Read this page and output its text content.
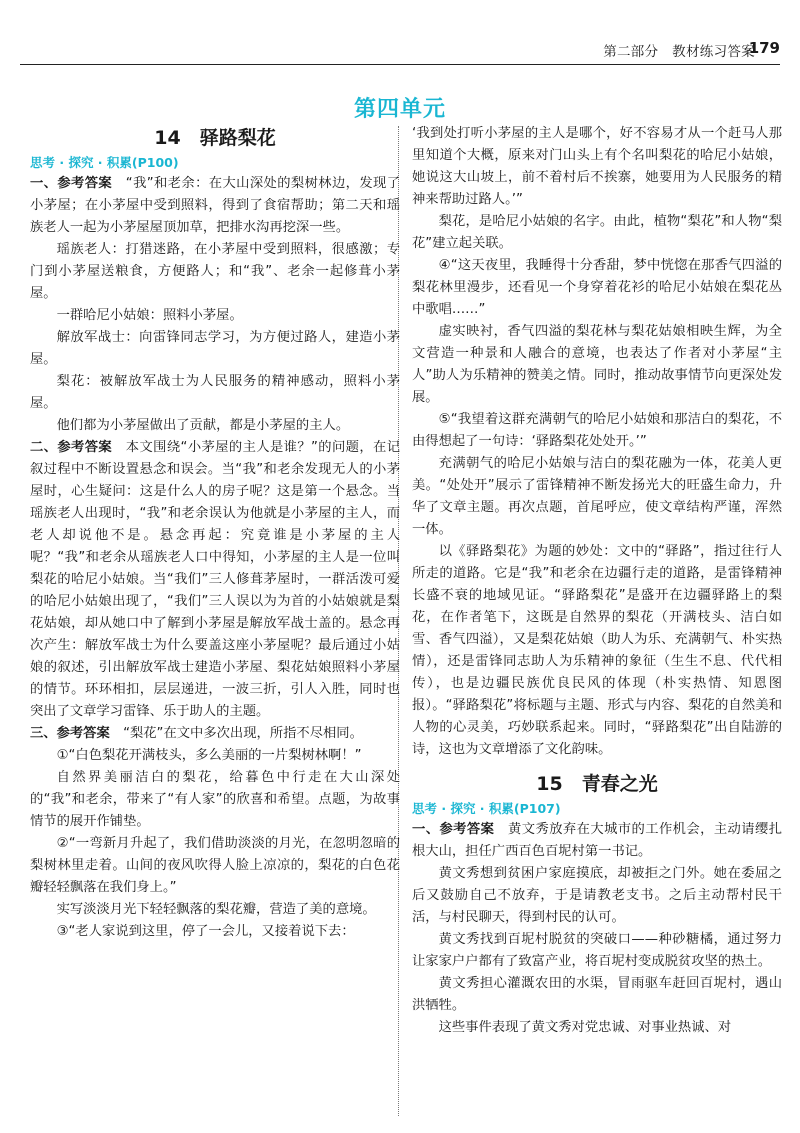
第二部分　教材练习答案
179
第四单元

14　驿路梨花

思考 · 探究 · 积累(P100)

一、参考答案　“我”和老余：在大山深处的梨树林边，发现了小茅屋；在小茅屋中受到照料，得到了食宿帮助；第二天和瑶族老人一起为小茅屋屋顶加草，把排水沟再挖深一些。

瑶族老人：打猎迷路，在小茅屋中受到照料，很感激；专门到小茅屋送粮食，方便路人；和“我”、老余一起修葺小茅屋。

一群哈尼小姑娘：照料小茅屋。

解放军战士：向雷锋同志学习，为方便过路人，建造小茅屋。

梨花：被解放军战士为人民服务的精神感动，照料小茅屋。

他们都为小茅屋做出了贡献，都是小茅屋的主人。

二、参考答案　本文围绕“小茅屋的主人是谁？”的问题，在记叙过程中不断设置悬念和误会。当“我”和老余发现无人的小茅屋时，心生疑问：这是什么人的房子呢？这是第一个悬念。当瑶族老人出现时，“我”和老余误认为他就是小茅屋的主人，而老人却说他不是。悬念再起：究竟谁是小茅屋的主人呢？“我”和老余从瑶族老人口中得知，小茅屋的主人是一位叫梨花的哈尼小姑娘。当“我们”三人修葺茅屋时，一群活泼可爱的哈尼小姑娘出现了，“我们”三人误以为为首的小姑娘就是梨花姑娘，却从她口中了解到小茅屋是解放军战士盖的。悬念再次产生：解放军战士为什么要盖这座小茅屋呢？最后通过小姑娘的叙述，引出解放军战士建造小茅屋、梨花姑娘照料小茅屋的情节。环环相扣，层层递进，一波三折，引人入胜，同时也突出了文章学习雷锋、乐于助人的主题。

三、参考答案　“梨花”在文中多次出现，所指不尽相同。

①“白色梨花开满枝头，多么美丽的一片梨树林啊！”

自然界美丽洁白的梨花，给暮色中行走在大山深处的“我”和老余，带来了“有人家”的欣喜和希望。点题，为故事情节的展开作铺垫。

②“一弯新月升起了，我们借助淡淡的月光，在忽明忽暗的梨树林里走着。山间的夜风吹得人脸上凉凉的，梨花的白色花瓣轻轻飘落在我们身上。”

实写淡淡月光下轻轻飘落的梨花瓣，营造了美的意境。

③“老人家说到这里，停了一会儿，又接着说下去：

‘我到处打听小茅屋的主人是哪个，好不容易才从一个赶马人那里知道个大概，原来对门山头上有个名叫梨花的哈尼小姑娘，她说这大山坡上，前不着村后不挨寨，她要用为人民服务的精神来帮助过路人。’”

梨花，是哈尼小姑娘的名字。由此，植物“梨花”和人物“梨花”建立起关联。

④“这天夜里，我睡得十分香甜，梦中恍惚在那香气四溢的梨花林里漫步，还看见一个身穿着花衫的哈尼小姑娘在梨花丛中歌唱……”

虚实映衬，香气四溢的梨花林与梨花姑娘相映生辉，为全文营造一种景和人融合的意境，也表达了作者对小茅屋“主人”助人为乐精神的赞美之情。同时，推动故事情节向更深处发展。

⑤“我望着这群充满朝气的哈尼小姑娘和那洁白的梨花，不由得想起了一句诗：‘驿路梨花处处开。’”

充满朝气的哈尼小姑娘与洁白的梨花融为一体，花美人更美。“处处开”展示了雷锋精神不断发扬光大的旺盛生命力，升华了文章主题。再次点题，首尾呼应，使文章结构严谨，浑然一体。

以《驿路梨花》为题的妙处：文中的“驿路”，指过往行人所走的道路。它是“我”和老余在边疆行走的道路，是雷锋精神长盛不衰的地域见证。“驿路梨花”是盛开在边疆驿路上的梨花，在作者笔下，这既是自然界的梨花（开满枝头、洁白如雪、香气四溢），又是梨花姑娘（助人为乐、充满朝气、朴实热情），还是雷锋同志助人为乐精神的象征（生生不息、代代相传），也是边疆民族优良民风的体现（朴实热情、知恩图报）。“驿路梨花”将标题与主题、形式与内容、梨花的自然美和人物的心灵美，巧妙联系起来。同时，“驿路梨花”出自陆游的诗，这也为文章增添了文化韵味。

15　青春之光

思考 · 探究 · 积累(P107)

一、参考答案　黄文秀放弃在大城市的工作机会，主动请缨扎根大山，担任广西百色百坭村第一书记。

黄文秀想到贫困户家庭摸底，却被拒之门外。她在委屈之后又鼓励自己不放弃，于是请教老支书。之后主动帮村民干活，与村民聊天，得到村民的认可。

黄文秀找到百坭村脱贫的突破口——种砂糖橘，通过努力让家家户户都有了致富产业，将百坭村变成脱贫攻坚的热土。

黄文秀担心灌溉农田的水渠，冒雨驱车赶回百坭村，遇山洪牺牲。

这些事件表现了黄文秀对党忠诚、对事业热诚、对
